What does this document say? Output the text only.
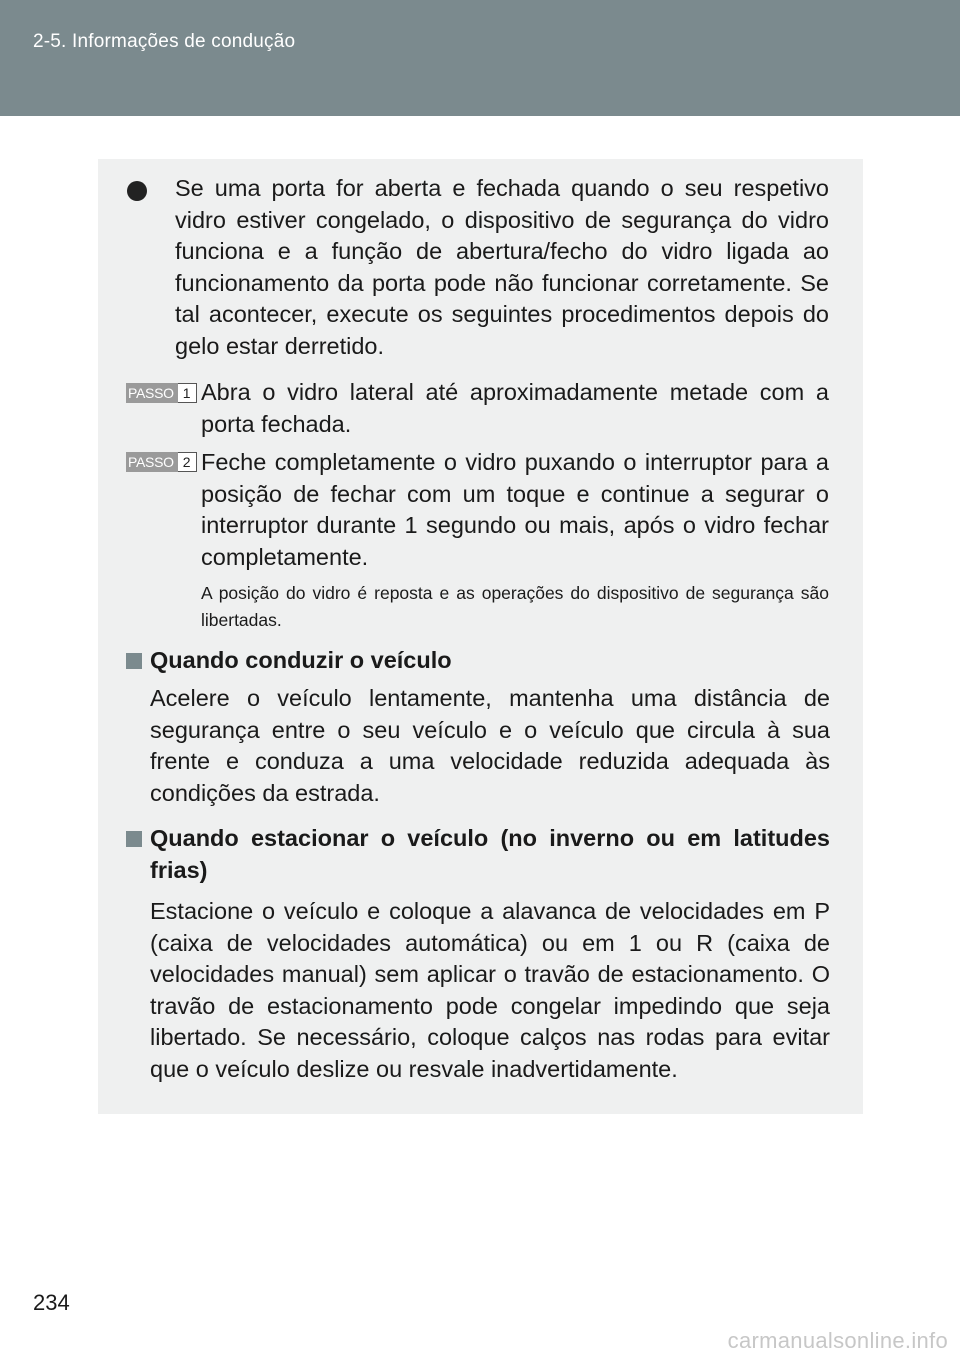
2-5. Informações de condução
Se uma porta for aberta e fechada quando o seu respetivo vidro estiver congelado, o dispositivo de segurança do vidro funciona e a função de abertura/fecho do vidro ligada ao funcionamento da porta pode não funcionar corretamente. Se tal acontecer, execute os seguintes procedimentos depois do gelo estar derretido.
PASSO 1 Abra o vidro lateral até aproximadamente metade com a porta fechada.
PASSO 2 Feche completamente o vidro puxando o interruptor para a posição de fechar com um toque e continue a segurar o interruptor durante 1 segundo ou mais, após o vidro fechar completamente.
A posição do vidro é reposta e as operações do dispositivo de segurança são libertadas.
Quando conduzir o veículo
Acelere o veículo lentamente, mantenha uma distância de segurança entre o seu veículo e o veículo que circula à sua frente e conduza a uma velocidade reduzida adequada às condições da estrada.
Quando estacionar o veículo (no inverno ou em latitudes frias)
Estacione o veículo e coloque a alavanca de velocidades em P (caixa de velocidades automática) ou em 1 ou R (caixa de velocidades manual) sem aplicar o travão de estacionamento. O travão de estacionamento pode congelar impedindo que seja libertado. Se necessário, coloque calços nas rodas para evitar que o veículo deslize ou resvale inadvertidamente.
234
carmanualsonline.info
